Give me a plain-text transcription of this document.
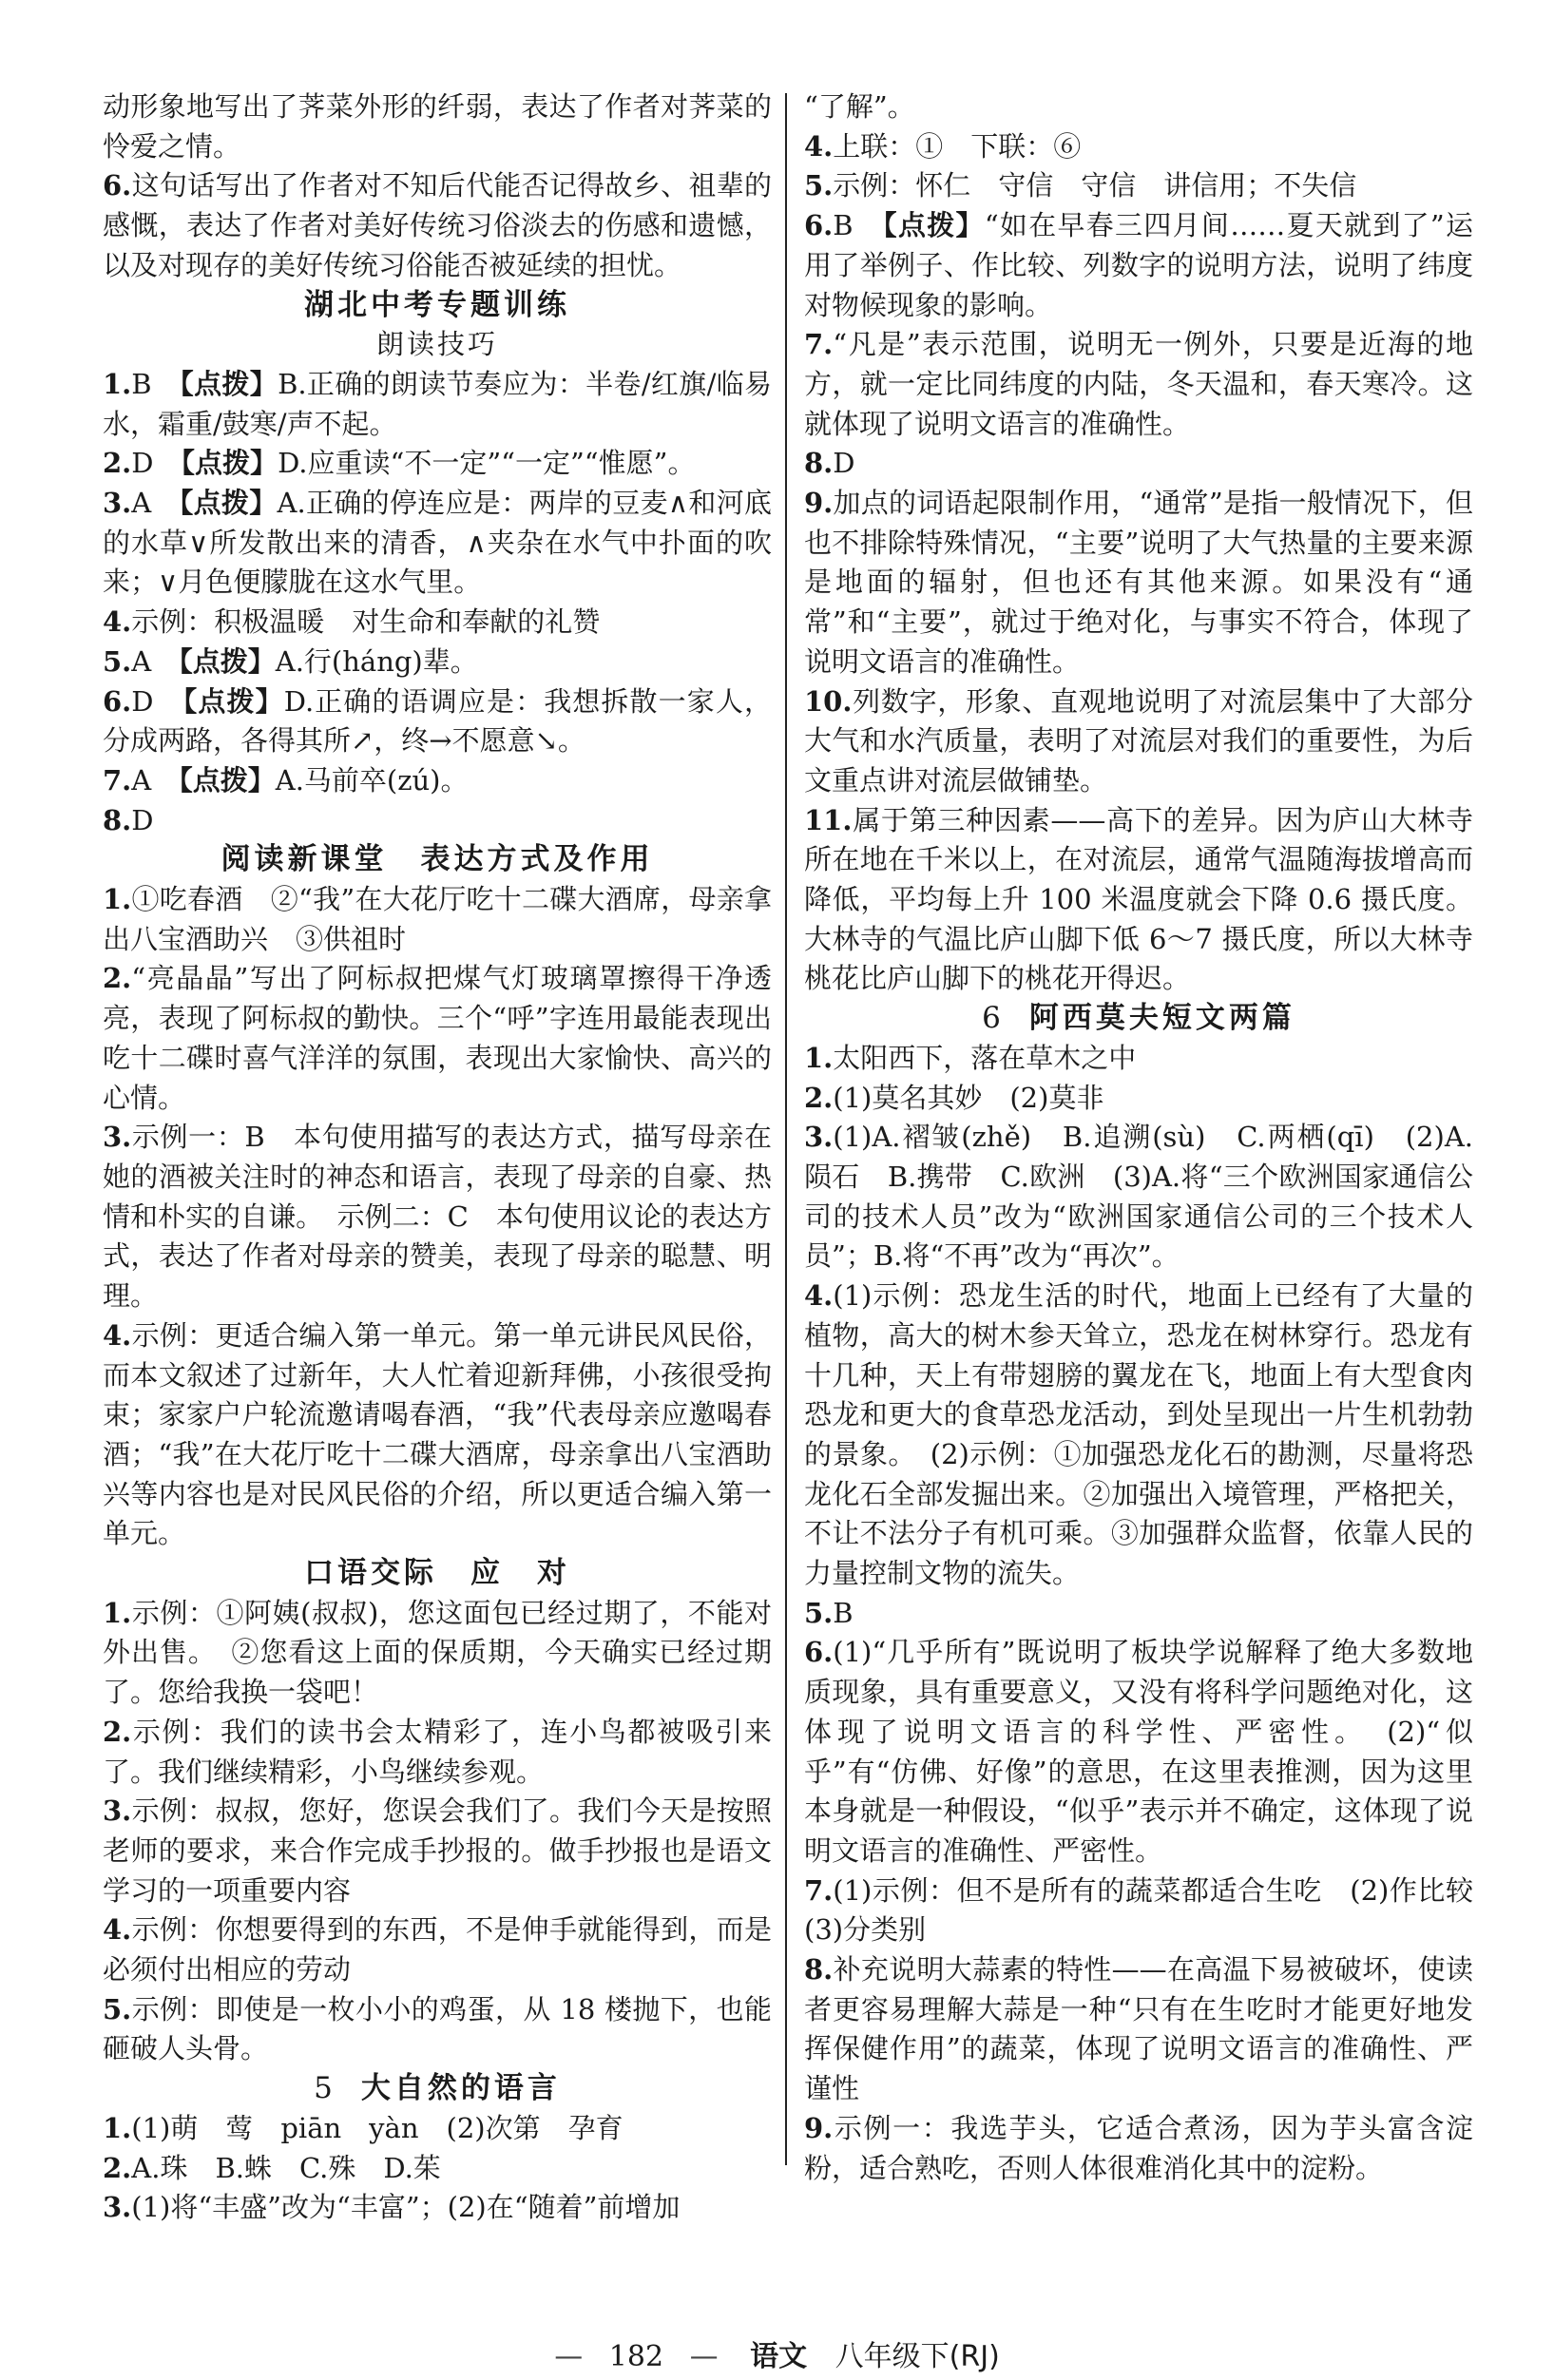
动形象地写出了荠菜外形的纤弱，表达了作者对荠菜的怜爱之情。

6.这句话写出了作者对不知后代能否记得故乡、祖辈的感慨，表达了作者对美好传统习俗淡去的伤感和遗憾，以及对现存的美好传统习俗能否被延续的担忧。

湖北中考专题训练

朗读技巧

1.B　【点拨】B.正确的朗读节奏应为：半卷/红旗/临易水，霜重/鼓寒/声不起。

2.D　【点拨】D.应重读“不一定”“一定”“惟愿”。

3.A　【点拨】A.正确的停连应是：两岸的豆麦∧和河底的水草∨所发散出来的清香，∧夹杂在水气中扑面的吹来；∨月色便朦胧在这水气里。

4.示例：积极温暖　对生命和奉献的礼赞

5.A　【点拨】A.行(háng)辈。

6.D　【点拨】D.正确的语调应是：我想拆散一家人，分成两路，各得其所↗，终→不愿意↘。

7.A　【点拨】A.马前卒(zú)。

8.D

阅读新课堂　表达方式及作用

1.①吃春酒　②“我”在大花厅吃十二碟大酒席，母亲拿出八宝酒助兴　③供祖时

2.“亮晶晶”写出了阿标叔把煤气灯玻璃罩擦得干净透亮，表现了阿标叔的勤快。三个“呼”字连用最能表现出吃十二碟时喜气洋洋的氛围，表现出大家愉快、高兴的心情。

3.示例一：B　本句使用描写的表达方式，描写母亲在她的酒被关注时的神态和语言，表现了母亲的自豪、热情和朴实的自谦。　示例二：C　本句使用议论的表达方式，表达了作者对母亲的赞美，表现了母亲的聪慧、明理。

4.示例：更适合编入第一单元。第一单元讲民风民俗，而本文叙述了过新年，大人忙着迎新拜佛，小孩很受拘束；家家户户轮流邀请喝春酒，“我”代表母亲应邀喝春酒；“我”在大花厅吃十二碟大酒席，母亲拿出八宝酒助兴等内容也是对民风民俗的介绍，所以更适合编入第一单元。

口语交际　应　对

1.示例：①阿姨(叔叔)，您这面包已经过期了，不能对外出售。　②您看这上面的保质期，今天确实已经过期了。您给我换一袋吧！

2.示例：我们的读书会太精彩了，连小鸟都被吸引来了。我们继续精彩，小鸟继续参观。

3.示例：叔叔，您好，您误会我们了。我们今天是按照老师的要求，来合作完成手抄报的。做手抄报也是语文学习的一项重要内容

4.示例：你想要得到的东西，不是伸手就能得到，而是必须付出相应的劳动

5.示例：即使是一枚小小的鸡蛋，从 18 楼抛下，也能砸破人头骨。

5 大自然的语言

1.(1)萌　莺　piān　yàn　(2)次第　孕育

2.A.珠　B.蛛　C.殊　D.茱

3.(1)将“丰盛”改为“丰富”；(2)在“随着”前增加

“了解”。

4.上联：①　下联：⑥

5.示例：怀仁　守信　守信　讲信用；不失信

6.B　【点拨】“如在早春三四月间……夏天就到了”运用了举例子、作比较、列数字的说明方法，说明了纬度对物候现象的影响。

7.“凡是”表示范围，说明无一例外，只要是近海的地方，就一定比同纬度的内陆，冬天温和，春天寒冷。这就体现了说明文语言的准确性。

8.D

9.加点的词语起限制作用，“通常”是指一般情况下，但也不排除特殊情况，“主要”说明了大气热量的主要来源是地面的辐射，但也还有其他来源。如果没有“通常”和“主要”，就过于绝对化，与事实不符合，体现了说明文语言的准确性。

10.列数字，形象、直观地说明了对流层集中了大部分大气和水汽质量，表明了对流层对我们的重要性，为后文重点讲对流层做铺垫。

11.属于第三种因素——高下的差异。因为庐山大林寺所在地在千米以上，在对流层，通常气温随海拔增高而降低，平均每上升 100 米温度就会下降 0.6 摄氏度。大林寺的气温比庐山脚下低 6～7 摄氏度，所以大林寺桃花比庐山脚下的桃花开得迟。

6 阿西莫夫短文两篇

1.太阳西下，落在草木之中

2.(1)莫名其妙　(2)莫非

3.(1)A.褶皱(zhě)　B.追溯(sù)　C.两栖(qī)　(2)A.陨石　B.携带　C.欧洲　(3)A.将“三个欧洲国家通信公司的技术人员”改为“欧洲国家通信公司的三个技术人员”；B.将“不再”改为“再次”。

4.(1)示例：恐龙生活的时代，地面上已经有了大量的植物，高大的树木参天耸立，恐龙在树林穿行。恐龙有十几种，天上有带翅膀的翼龙在飞，地面上有大型食肉恐龙和更大的食草恐龙活动，到处呈现出一片生机勃勃的景象。　(2)示例：①加强恐龙化石的勘测，尽量将恐龙化石全部发掘出来。②加强出入境管理，严格把关，不让不法分子有机可乘。③加强群众监督，依靠人民的力量控制文物的流失。

5.B

6.(1)“几乎所有”既说明了板块学说解释了绝大多数地质现象，具有重要意义，又没有将科学问题绝对化，这体现了说明文语言的科学性、严密性。　(2)“似乎”有“仿佛、好像”的意思，在这里表推测，因为这里本身就是一种假设，“似乎”表示并不确定，这体现了说明文语言的准确性、严密性。

7.(1)示例：但不是所有的蔬菜都适合生吃　(2)作比较　(3)分类别

8.补充说明大蒜素的特性——在高温下易被破坏，使读者更容易理解大蒜是一种“只有在生吃时才能更好地发挥保健作用”的蔬菜，体现了说明文语言的准确性、严谨性

9.示例一：我选芋头，它适合煮汤，因为芋头富含淀粉，适合熟吃，否则人体很难消化其中的淀粉。

— 182 — 语文 八年级下(RJ)
